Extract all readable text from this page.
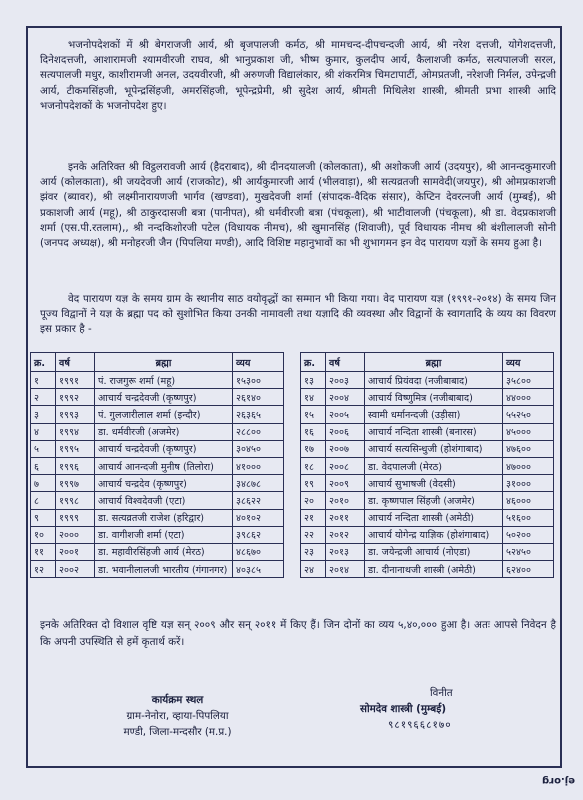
भजनोपदेशकों में श्री बेगराजजी आर्य, श्री बृजपालजी कर्मठ, श्री मामचन्द-दीपचन्दजी आर्य, श्री नरेश दत्तजी, योगेशदत्तजी, दिनेशदत्तजी, आशारामजी श्यामवीरजी राघव, श्री भानुप्रकाश जी, भीष्म कुमार, कुलदीप आर्य, कैलाशजी कर्मठ, सत्यपालजी सरल, सत्यपालजी मधुर, काशीरामजी अनल, उदयवीरजी, श्री अरुणजी विद्यालंकार, श्री शंकरमित्र चिमटापार्टी, ओमप्रतजी, नरेशजी निर्मल, उपेन्द्रजी आर्य, टीकमसिंहजी, भूपेन्द्रसिंहजी, अमरसिंहजी, भूपेन्द्रप्रेमी, श्री सुदेश आर्य, श्रीमती मिथिलेश शास्त्री, श्रीमती प्रभा शास्त्री आदि भजनोपदेशकों के भजनोपदेश हुए।

इनके अतिरिक्त श्री विट्ठलरावजी आर्य (हैदराबाद), श्री दीनदयालजी (कोलकाता), श्री अशोकजी आर्य (उदयपुर), श्री आनन्दकुमारजी आर्य (कोलकाता), श्री जयदेवजी आर्य (राजकोट), श्री आर्यकुमारजी आर्य (भीलवाड़ा), श्री सत्यव्रतजी सामवेदी(जयपुर), श्री ओमप्रकाशजी झंवर (ब्यावर), श्री लक्ष्मीनारायणजी भार्गव (खण्डवा), मुखदेवजी शर्मा (संपादक-वैदिक संसार), केप्टिन देवरत्नजी आर्य (मुम्बई), श्री प्रकाशजी आर्य (महू), श्री ठाकुरदासजी बत्रा (पानीपत), श्री धर्मवीरजी बत्रा (पंचकूला), श्री भाटीवालजी (पंचकूला), श्री डा. वेदप्रकाशजी शर्मा (एस.पी.रतलाम),, श्री नन्दकिशोरजी पटेल (विधायक नीमच), श्री खुमानसिंह (शिवाजी), पूर्व विधायक नीमच श्री बंशीलालजी सोनी (जनपद अध्यक्ष), श्री मनोहरजी जैन (पिपलिया मण्डी), आदि विशिष्ट महानुभावों का भी शुभागमन इन वेद पारायण यज्ञों के समय हुआ है।

वेद पारायण यज्ञ के समय ग्राम के स्थानीय साठ वयोवृद्धों का सम्मान भी किया गया। वेद पारायण यज्ञ (१९९१-२०१४) के समय जिन पूज्य विद्वानों ने यज्ञ के ब्रह्मा पद को सुशोभित किया उनकी नामावली तथा यज्ञादि की व्यवस्था और विद्वानों के स्वागतादि के व्यय का विवरण इस प्रकार है -

क्र.	वर्ष	ब्रह्मा	व्यय
१	१९९१	पं. राजगुरू शर्मा (महू)	१५३००
२	१९९२	आचार्य चन्द्रदेवजी (कृष्णपुर)	२६१४०
३	१९९३	पं. गुलजारीलाल शर्मा (इन्दौर)	२६३६५
४	१९९४	डा. धर्मवीरजी (अजमेर)	२८८००
५	१९९५	आचार्य चन्द्रदेवजी (कृष्णपुर)	३०४५०
६	१९९६	आचार्य आनन्दजी मुनीष (तिलोरा)	४१०००
७	१९९७	आचार्य चन्द्रदेव (कृष्णपुर)	३४८७८
८	१९९८	आचार्य विश्वदेवजी (एटा)	३८६२२
९	१९९९	डा. सत्यव्रतजी राजेश (हरिद्वार)	४०१०२
१०	२०००	डा. वागीशजी शर्मा (एटा)	३९८६२
११	२००१	डा. महावीरसिंहजी आर्य (मेरठ)	४८६७०
१२	२००२	डा. भवानीलालजी भारतीय (गंगानगर)	४०३८५
क्र.	वर्ष	ब्रह्मा	व्यय
१३	२००३	आचार्य प्रियंवदा (नजीबाबाद)	३५८००
१४	२००४	आचार्य विष्णुमित्र (नजीबाबाद)	४४०००
१५	२००५	स्वामी धर्मानन्दजी (उड़ीसा)	५५२५०
१६	२००६	आचार्य नन्दिता शास्त्री (बनारस)	४५०००
१७	२००७	आचार्य सत्यसिन्धुजी (होशंगाबाद)	४७६००
१८	२००८	डा. वेदपालजी (मेरठ)	४७०००
१९	२००९	आचार्य सुभाषजी (वेदसी)	३१०००
२०	२०१०	डा. कृष्णपाल सिंहजी (अजमेर)	४६०००
२१	२०११	आचार्य नन्दिता शास्त्री (अमेठी)	५१६००
२२	२०१२	आचार्य योगेन्द्र याज्ञिक (होशंगाबाद)	५०२००
२३	२०१३	डा. जयेन्द्रजी आचार्य (नोएडा)	५२४५०
२४	२०१४	डा. दीनानाथजी शास्त्री (अमेठी)	६२४००

इनके अतिरिक्त दो विशाल वृष्टि यज्ञ सन् २००९ और सन् २०११ में किए हैं। जिन दोनों का व्यय ५,४०,००० हुआ है। अतः आपसे निवेदन है कि अपनी उपस्थिति से हमें कृतार्थ करें।

कार्यक्रम स्थल
ग्राम-नेनोरा, व्हाया-पिपलिया
मण्डी, जिला-मन्दसौर (म.प्र.)
विनीत
सोमदेव शास्त्री (मुम्बई)
९८१९६६८१७०
ej.org
